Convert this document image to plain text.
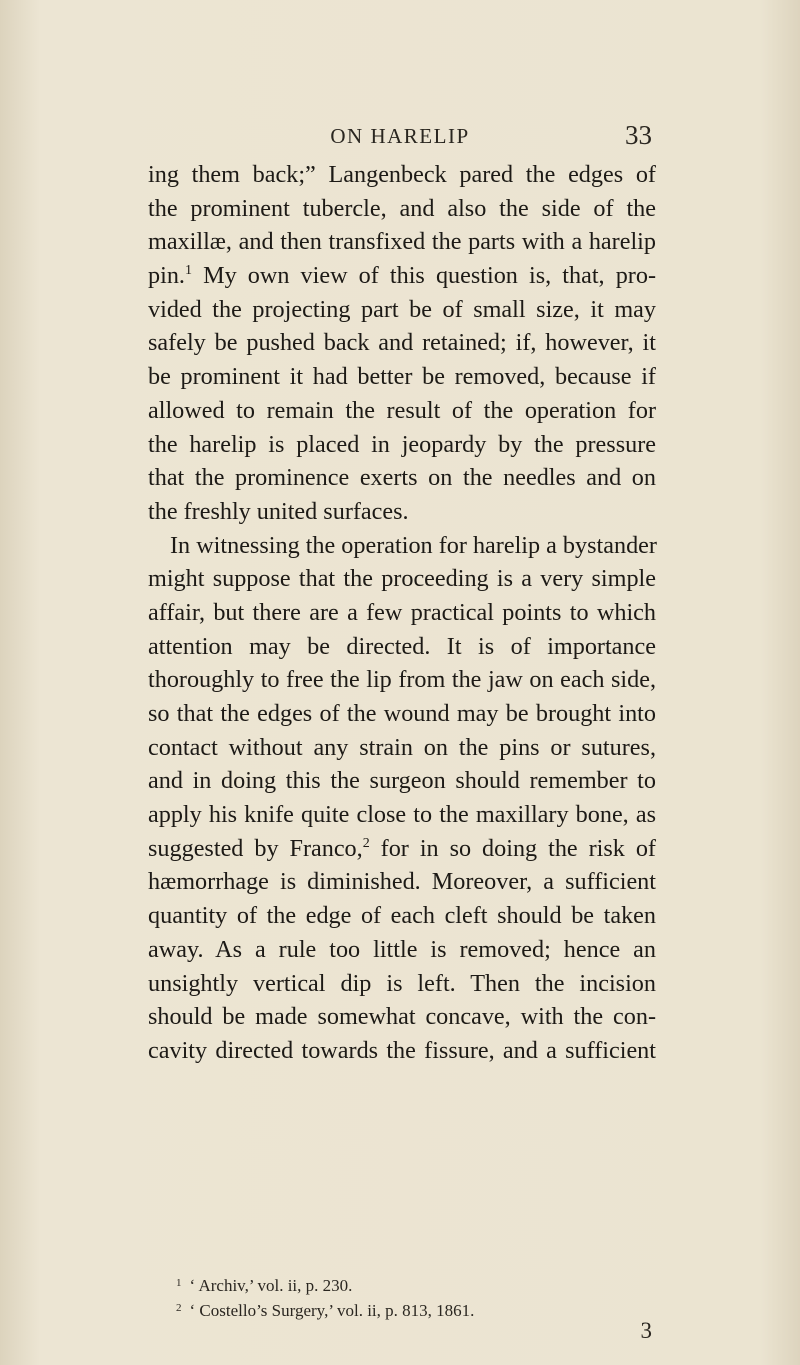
ON HARELIP	33
ing them back;” Langenbeck pared the edges of
the prominent tubercle, and also the side of the
maxillæ, and then transfixed the parts with a harelip
pin.$^1$ My own view of this question is, that, pro-
vided the projecting part be of small size, it may
safely be pushed back and retained; if, however, it
be prominent it had better be removed, because if
allowed to remain the result of the operation for
the harelip is placed in jeopardy by the pressure
that the prominence exerts on the needles and on
the freshly united surfaces.
In witnessing the operation for harelip a bystander
might suppose that the proceeding is a very simple
affair, but there are a few practical points to which
attention may be directed. It is of importance
thoroughly to free the lip from the jaw on each side,
so that the edges of the wound may be brought into
contact without any strain on the pins or sutures,
and in doing this the surgeon should remember to
apply his knife quite close to the maxillary bone, as
suggested by Franco,$^2$ for in so doing the risk of
hæmorrhage is diminished. Moreover, a sufficient
quantity of the edge of each cleft should be taken
away. As a rule too little is removed; hence an
unsightly vertical dip is left. Then the incision
should be made somewhat concave, with the con-
cavity directed towards the fissure, and a sufficient
$^1$ ‘ Archiv,’ vol. ii, p. 230.
$^2$ ‘ Costello’s Surgery,’ vol. ii, p. 813, 1861.
3
